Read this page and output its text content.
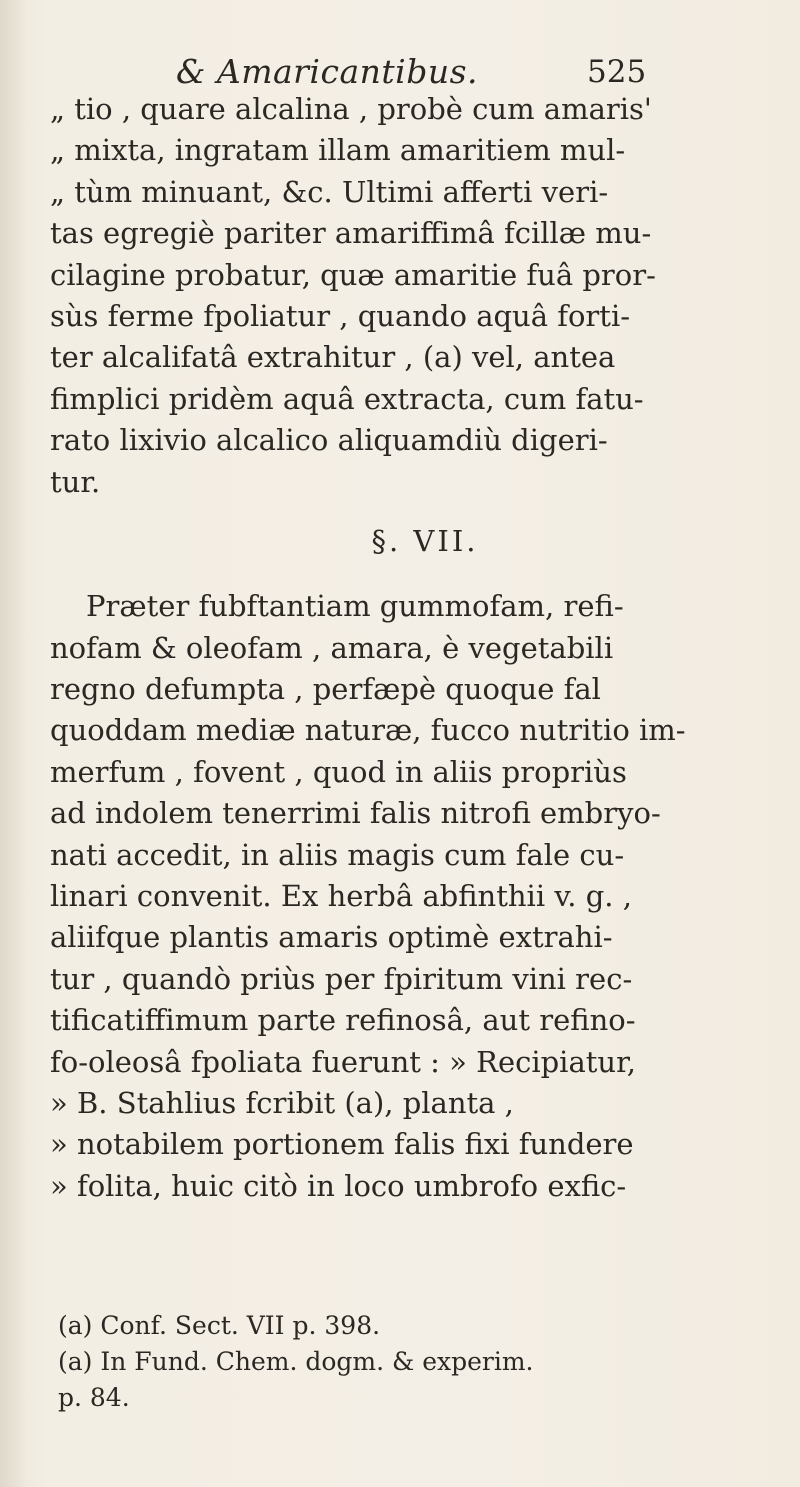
& Amaricantibus.	525
„ tio , quare alcalina , probè cum amaris'
„ mixta, ingratam illam amaritiem mul-
„ tùm minuant, &c. Ultimi afferti veri-
tas egregiè pariter amariffimâ fcillæ mu-
cilagine probatur, quæ amaritie fuâ pror-
sùs ferme fpoliatur , quando aquâ forti-
ter alcalifatâ extrahitur , (a) vel, antea
fimplici pridèm aquâ extracta, cum fatu-
rato lixivio alcalico aliquamdiù digeri-
tur.
§. VII.
Præter fubftantiam gummofam, refi-
nofam & oleofam , amara, è vegetabili
regno defumpta , perfæpè quoque fal
quoddam mediæ naturæ, fucco nutritio im-
merfum , fovent , quod in aliis propriùs
ad indolem tenerrimi falis nitrofi embryo-
nati accedit, in aliis magis cum fale cu-
linari convenit. Ex herbâ abfinthii v. g. ,
aliifque plantis amaris optimè extrahi-
tur , quandò priùs per fpiritum vini rec-
tificatiffimum parte refinosâ, aut refino-
fo-oleosâ fpoliata fuerunt : » Recipiatur,
» B. Stahlius fcribit (a), planta ,
» notabilem portionem falis fixi fundere
» folita, huic citò in loco umbrofo exfic-
(a) Conf. Sect. VII p. 398.
(a) In Fund. Chem. dogm. & experim.
p. 84.
